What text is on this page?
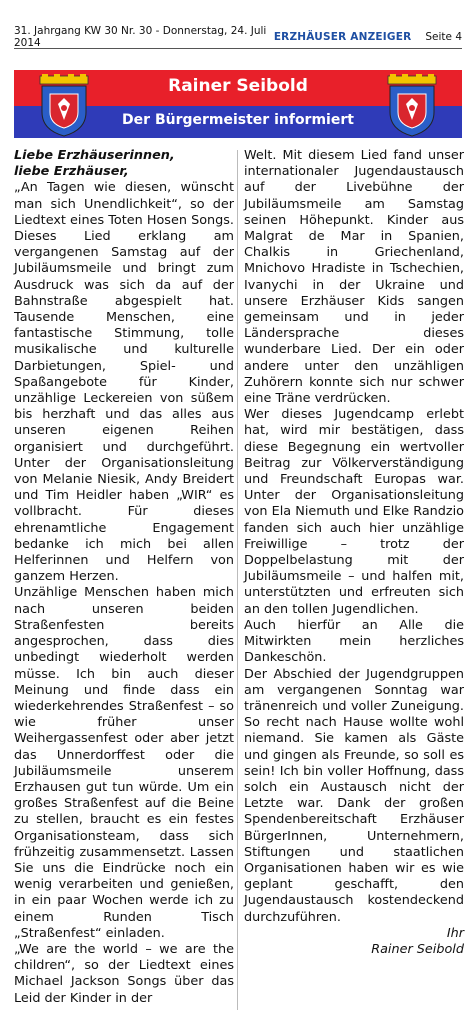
31. Jahrgang KW 30 Nr. 30 - Donnerstag, 24. Juli 2014	ERZHÄUSER ANZEIGER Seite 4
Rainer Seibold
Der Bürgermeister informiert

Liebe Erzhäuserinnen,

liebe Erzhäuser,

„An Tagen wie diesen, wünscht man sich Unendlichkeit“, so der Liedtext eines Toten Hosen Songs. Dieses Lied erklang am vergangenen Samstag auf der Jubiläumsmeile und bringt zum Ausdruck was sich da auf der Bahnstraße abgespielt hat. Tausende Menschen, eine fantastische Stimmung, tolle musikalische und kulturelle Darbietungen, Spiel- und Spaßangebote für Kinder, unzählige Leckereien von süßem bis herzhaft und das alles aus unseren eigenen Reihen organisiert und durchgeführt. Unter der Organisationsleitung von Melanie Niesik, Andy Breidert und Tim Heidler haben „WIR“ es vollbracht. Für dieses ehrenamtliche Engagement bedanke ich mich bei allen Helferinnen und Helfern von ganzem Herzen.

Unzählige Menschen haben mich nach unseren beiden Straßenfesten bereits angesprochen, dass dies unbedingt wiederholt werden müsse. Ich bin auch dieser Meinung und finde dass ein wiederkehrendes Straßenfest – so wie früher unser Weihergassenfest oder aber jetzt das Unnerdorffest oder die Jubiläumsmeile unserem Erzhausen gut tun würde. Um ein großes Straßenfest auf die Beine zu stellen, braucht es ein festes Organisationsteam, dass sich frühzeitig zusammensetzt. Lassen Sie uns die Eindrücke noch ein wenig verarbeiten und genießen, in ein paar Wochen werde ich zu einem Runden Tisch „Straßenfest“ einladen.

„We are the world – we are the children“, so der Liedtext eines Michael Jackson Songs über das Leid der Kinder in der

Welt. Mit diesem Lied fand unser internationaler Jugendaustausch auf der Livebühne der Jubiläumsmeile am Samstag seinen Höhepunkt. Kinder aus Malgrat de Mar in Spanien, Chalkis in Griechenland, Mnichovo Hradiste in Tschechien, Ivanychi in der Ukraine und unsere Erzhäuser Kids sangen gemeinsam und in jeder Ländersprache dieses wunderbare Lied. Der ein oder andere unter den unzähligen Zuhörern konnte sich nur schwer eine Träne verdrücken.

Wer dieses Jugendcamp erlebt hat, wird mir bestätigen, dass diese Begegnung ein wertvoller Beitrag zur Völkerverständigung und Freundschaft Europas war. Unter der Organisationsleitung von Ela Niemuth und Elke Randzio fanden sich auch hier unzählige Freiwillige – trotz der Doppelbelastung mit der Jubiläumsmeile – und halfen mit, unterstützten und erfreuten sich an den tollen Jugendlichen.

Auch hierfür an Alle die Mitwirkten mein herzliches Dankeschön.

Der Abschied der Jugendgruppen am vergangenen Sonntag war tränenreich und voller Zuneigung. So recht nach Hause wollte wohl niemand. Sie kamen als Gäste und gingen als Freunde, so soll es sein! Ich bin voller Hoffnung, dass solch ein Austausch nicht der Letzte war. Dank der großen Spendenbereitschaft Erzhäuser BürgerInnen, Unternehmern, Stiftungen und staatlichen Organisationen haben wir es wie geplant geschafft, den Jugendaustausch kostendeckend durchzuführen.

Ihr

Rainer Seibold
